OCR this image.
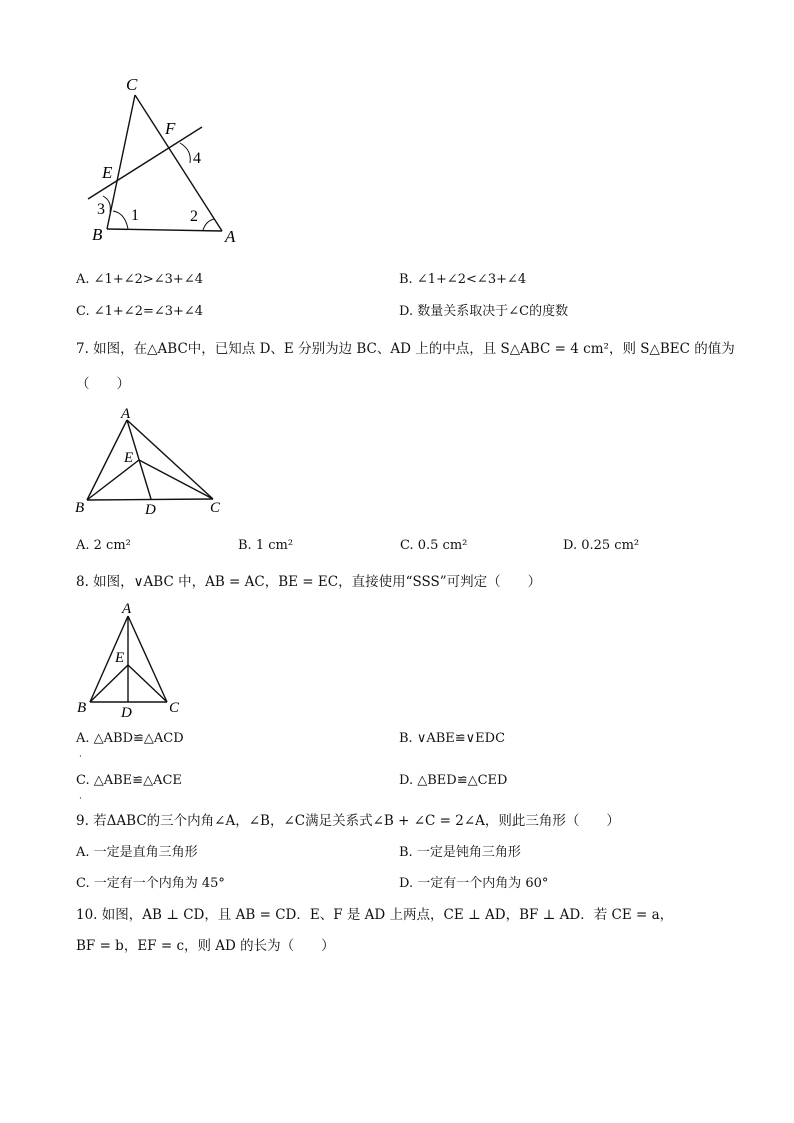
C
F
E
B	A
1	2
3
4
A. ∠1+∠2>∠3+∠4	B. ∠1+∠2<∠3+∠4
C. ∠1+∠2=∠3+∠4	D. 数量关系取决于∠C的度数
7. 如图，在△ABC中，已知点 D、E 分别为边 BC、AD 上的中点，且 S△ABC = 4 cm²，则 S△BEC 的值为
（　　）
A
E
B	D	C
A. 2 cm²	B. 1 cm²	C. 0.5 cm²	D. 0.25 cm²
8. 如图，∨ABC 中，AB = AC，BE = EC，直接使用“SSS”可判定（　　）
A
E
B D C
A. △ABD≌△ACD
·
B. ∨ABE≌∨EDC
C. △ABE≌△ACE
·
D. △BED≌△CED
9. 若ΔABC的三个内角∠A，∠B，∠C满足关系式∠B + ∠C = 2∠A，则此三角形（　　）
A. 一定是直角三角形	B. 一定是钝角三角形
C. 一定有一个内角为 45°	D. 一定有一个内角为 60°
10. 如图，AB ⊥ CD，且 AB = CD．E、F 是 AD 上两点，CE ⊥ AD，BF ⊥ AD．若 CE = a，
BF = b，EF = c，则 AD 的长为（　　）
